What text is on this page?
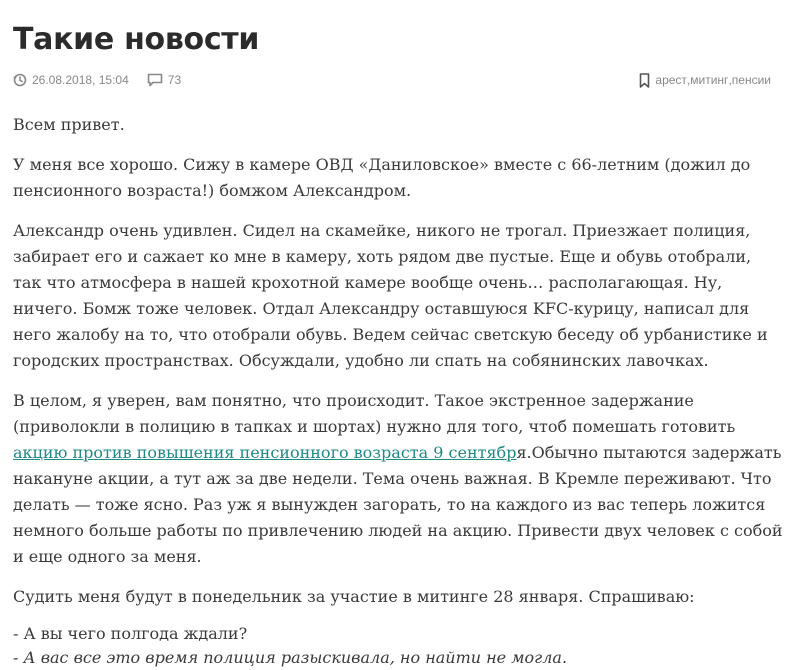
Такие новости
26.08.2018, 15:04	73	арест , митинг , пенсии

Всем привет.

У меня все хорошо. Сижу в камере ОВД «Даниловское» вместе с 66-летним (дожил до пенсионного возраста!) бомжом Александром.

Александр очень удивлен. Сидел на скамейке, никого не трогал. Приезжает полиция, забирает его и сажает ко мне в камеру, хоть рядом две пустые. Еще и обувь отобрали, так что атмосфера в нашей крохотной камере вообще очень… располагающая. Ну, ничего. Бомж тоже человек. Отдал Александру оставшуюся KFC-курицу, написал для него жалобу на то, что отобрали обувь. Ведем сейчас светскую беседу об урбанистике и городских пространствах. Обсуждали, удобно ли спать на собянинских лавочках.

В целом, я уверен, вам понятно, что происходит. Такое экстренное задержание (приволокли в полицию в тапках и шортах) нужно для того, чтоб помешать готовить акцию против повышения пенсионного возраста 9 сентября.Обычно пытаются задержать накануне акции, а тут аж за две недели. Тема очень важная. В Кремле переживают. Что делать — тоже ясно. Раз уж я вынужден загорать, то на каждого из вас теперь ложится немного больше работы по привлечению людей на акцию. Привести двух человек с собой и еще одного за меня.

Судить меня будут в понедельник за участие в митинге 28 января. Спрашиваю:

- А вы чего полгода ждали?

- А вас все это время полиция разыскивала, но найти не могла.
